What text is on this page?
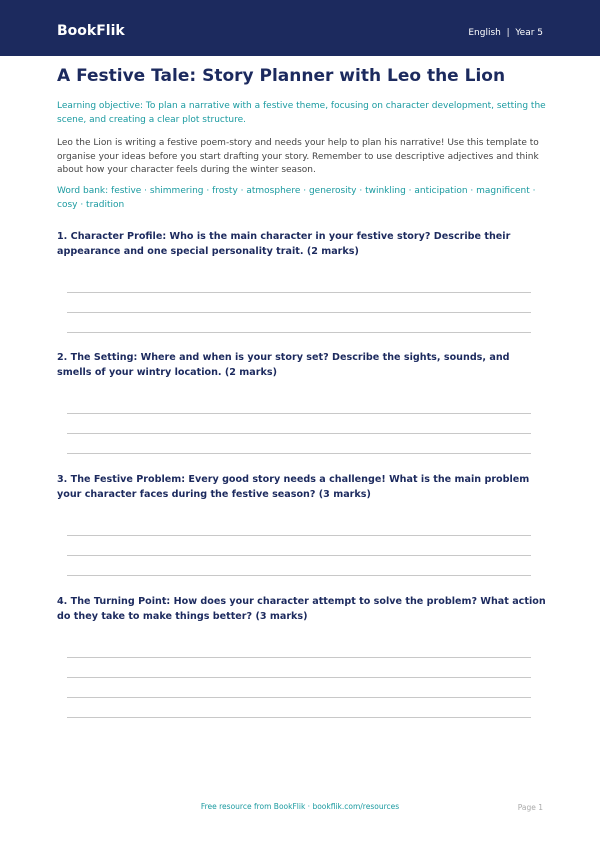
BookFlik	English  |  Year 5
A Festive Tale: Story Planner with Leo the Lion
Learning objective: To plan a narrative with a festive theme, focusing on character development, setting the scene, and creating a clear plot structure.
Leo the Lion is writing a festive poem-story and needs your help to plan his narrative! Use this template to organise your ideas before you start drafting your story. Remember to use descriptive adjectives and think about how your character feels during the winter season.
Word bank: festive · shimmering · frosty · atmosphere · generosity · twinkling · anticipation · magnificent · cosy · tradition
1. Character Profile: Who is the main character in your festive story? Describe their appearance and one special personality trait. (2 marks)
2. The Setting: Where and when is your story set? Describe the sights, sounds, and smells of your wintry location. (2 marks)
3. The Festive Problem: Every good story needs a challenge! What is the main problem your character faces during the festive season? (3 marks)
4. The Turning Point: How does your character attempt to solve the problem? What action do they take to make things better? (3 marks)
Free resource from BookFlik · bookflik.com/resources	Page 1
